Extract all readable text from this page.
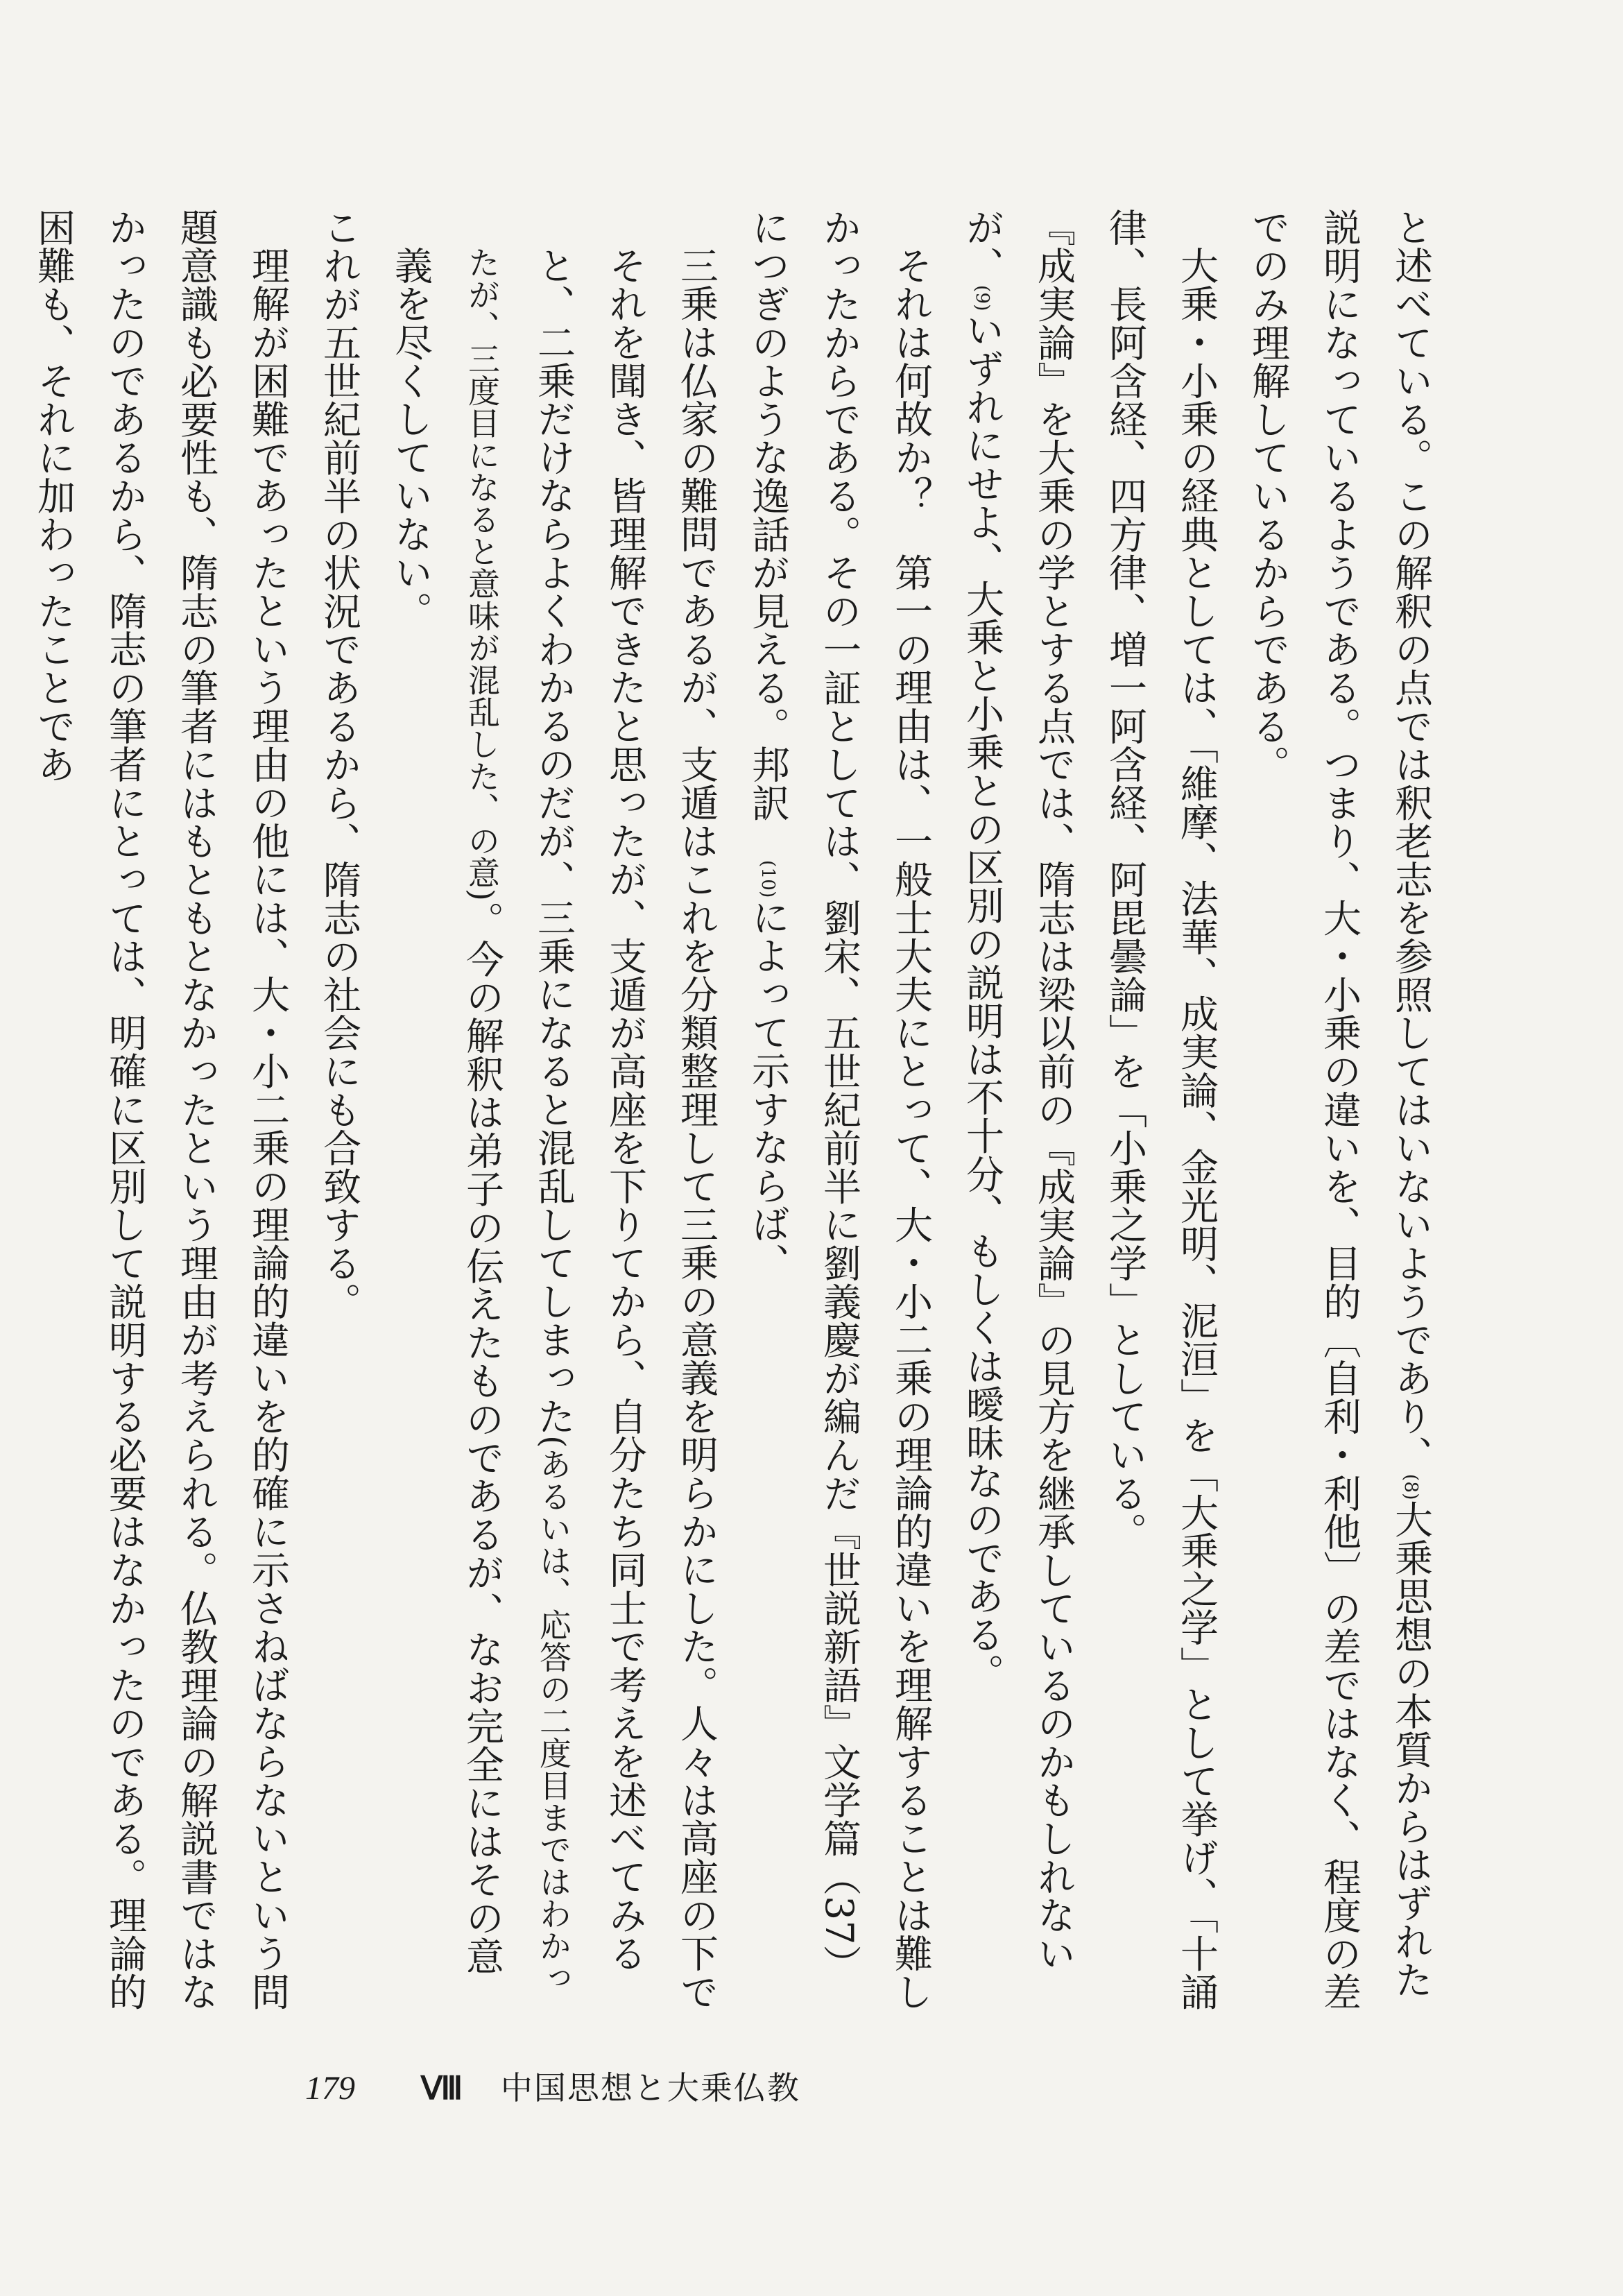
と述べている。この解釈の点では釈老志を参照してはいないようであり、(8)大乗思想の本質からはずれた説明になっているようである。つまり、大・小乗の違いを、目的〔自利・利他〕の差ではなく、程度の差でのみ理解しているからである。

大乗・小乗の経典としては、「維摩、法華、成実論、金光明、泥洹」を「大乗之学」として挙げ、「十誦律、長阿含経、四方律、増一阿含経、阿毘曇論」を「小乗之学」としている。

『成実論』を大乗の学とする点では、隋志は梁以前の『成実論』の見方を継承しているのかもしれないが、(9)いずれにせよ、大乗と小乗との区別の説明は不十分、もしくは曖昧なのである。

それは何故か？　第一の理由は、一般士大夫にとって、大・小二乗の理論的違いを理解することは難しかったからである。その一証としては、劉宋、五世紀前半に劉義慶が編んだ『世説新語』文学篇（37）につぎのような逸話が見える。邦訳(10)によって示すならば、

三乗は仏家の難問であるが、支遁はこれを分類整理して三乗の意義を明らかにした。人々は高座の下でそれを聞き、皆理解できたと思ったが、支遁が高座を下りてから、自分たち同士で考えを述べてみると、二乗だけならよくわかるのだが、三乗になると混乱してしまった(あるいは、応答の二度目まではわかったが、三度目になると意味が混乱した、の意)。今の解釈は弟子の伝えたものであるが、なお完全にはその意義を尽くしていない。

これが五世紀前半の状況であるから、隋志の社会にも合致する。

理解が困難であったという理由の他には、大・小二乗の理論的違いを的確に示さねばならないという問題意識も必要性も、隋志の筆者にはもともとなかったという理由が考えられる。仏教理論の解説書ではなかったのであるから、隋志の筆者にとっては、明確に区別して説明する必要はなかったのである。理論的困難も、それに加わったことであ

179 Ⅷ 中国思想と大乗仏教
